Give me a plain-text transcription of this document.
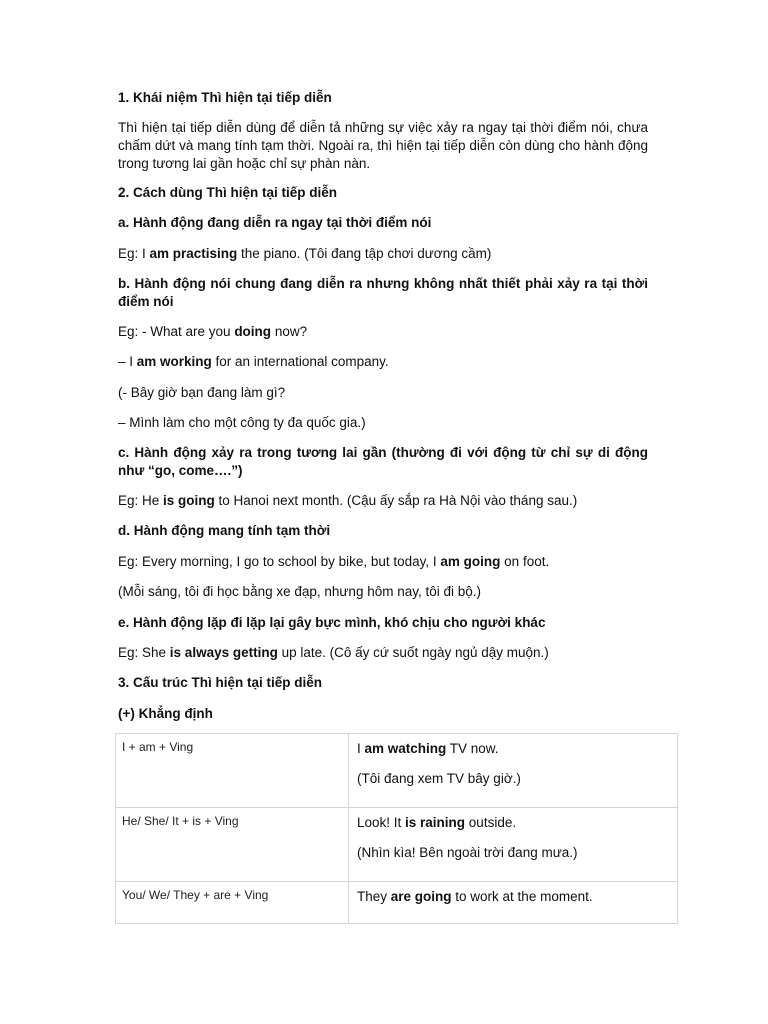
1. Khái niệm Thì hiện tại tiếp diễn

Thì hiện tại tiếp diễn dùng để diễn tả những sự việc xảy ra ngay tại thời điểm nói, chưa chấm dứt và mang tính tạm thời. Ngoài ra, thì hiện tại tiếp diễn còn dùng cho hành động trong tương lai gần hoặc chỉ sự phàn nàn.

2. Cách dùng Thì hiện tại tiếp diễn

a. Hành động đang diễn ra ngay tại thời điểm nói

Eg: I am practising the piano. (Tôi đang tập chơi dương cầm)

b. Hành động nói chung đang diễn ra nhưng không nhất thiết phải xảy ra tại thời điểm nói

Eg: - What are you doing now?

– I am working for an international company.

(- Bây giờ bạn đang làm gì?

– Mình làm cho một công ty đa quốc gia.)

c. Hành động xảy ra trong tương lai gần (thường đi với động từ chỉ sự di động như “go, come….”)

Eg: He is going to Hanoi next month. (Cậu ấy sắp ra Hà Nội vào tháng sau.)

d. Hành động mang tính tạm thời

Eg: Every morning, I go to school by bike, but today, I am going on foot.

(Mỗi sáng, tôi đi học bằng xe đạp, nhưng hôm nay, tôi đi bộ.)

e. Hành động lặp đi lặp lại gây bực mình, khó chịu cho người khác

Eg: She is always getting up late. (Cô ấy cứ suốt ngày ngủ dậy muộn.)

3. Cấu trúc Thì hiện tại tiếp diễn

(+) Khẳng định

I + am + Ving	I am watching TV now.

(Tôi đang xem TV bây giờ.)

He/ She/ It + is + Ving	Look! It is raining outside.

(Nhìn kìa! Bên ngoài trời đang mưa.)

You/ We/ They + are + Ving	They are going to work at the moment.
